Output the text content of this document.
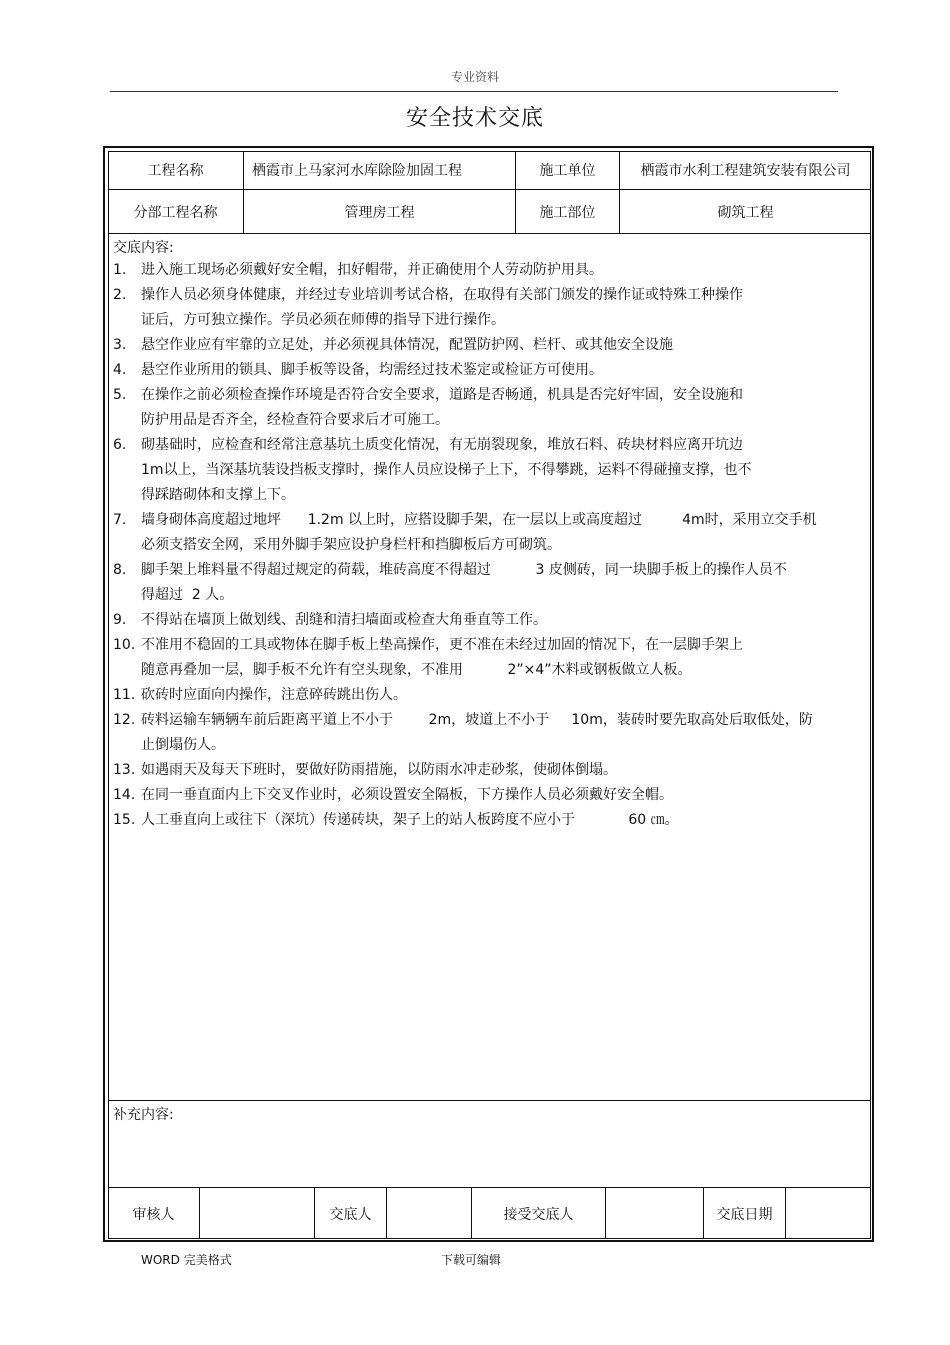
专业资料
安全技术交底
工程名称	栖霞市上马家河水库除险加固工程	施工单位	栖霞市水利工程建筑安装有限公司
分部工程名称	管理房工程	施工部位	砌筑工程
交底内容:
1. 进入施工现场必须戴好安全帽，扣好帽带，并正确使用个人劳动防护用具。
2. 操作人员必须身体健康，并经过专业培训考试合格，在取得有关部门颁发的操作证或特殊工种操作
证后，方可独立操作。学员必须在师傅的指导下进行操作。
3. 悬空作业应有牢靠的立足处，并必须视具体情况，配置防护网、栏杆、或其他安全设施
4. 悬空作业所用的锁具、脚手板等设备，均需经过技术鉴定或检证方可使用。
5. 在操作之前必须检查操作环境是否符合安全要求，道路是否畅通，机具是否完好牢固，安全设施和
防护用品是否齐全，经检查符合要求后才可施工。
6. 砌基础时，应检查和经常注意基坑土质变化情况，有无崩裂现象，堆放石料、砖块材料应离开坑边
1m以上，当深基坑装设挡板支撑时，操作人员应设梯子上下，不得攀跳，运料不得碰撞支撑，也不
得踩踏砌体和支撑上下。
7. 墙身砌体高度超过地坪      1.2m 以上时，应搭设脚手架，在一层以上或高度超过         4m时，采用立交手机
必须支搭安全网，采用外脚手架应设护身栏杆和挡脚板后方可砌筑。
8. 脚手架上堆料量不得超过规定的荷载，堆砖高度不得超过          3 皮侧砖，同一块脚手板上的操作人员不
得超过  2 人。
9. 不得站在墙顶上做划线、刮缝和清扫墙面或检查大角垂直等工作。
10. 不准用不稳固的工具或物体在脚手板上垫高操作，更不准在未经过加固的情况下，在一层脚手架上
随意再叠加一层，脚手板不允许有空头现象，不准用          2”×4”木料或钢板做立人板。
11. 砍砖时应面向内操作，注意碎砖跳出伤人。
12. 砖料运输车辆辆车前后距离平道上不小于        2m，坡道上不小于     10m，装砖时要先取高处后取低处，防
止倒塌伤人。
13. 如遇雨天及每天下班时，要做好防雨措施，以防雨水冲走砂浆，使砌体倒塌。
14. 在同一垂直面内上下交叉作业时，必须设置安全隔板，下方操作人员必须戴好安全帽。
15. 人工垂直向上或往下（深坑）传递砖块，架子上的站人板跨度不应小于            60 ㎝。
补充内容:
审核人	交底人	接受交底人	交底日期
WORD 完美格式	下载可编辑
